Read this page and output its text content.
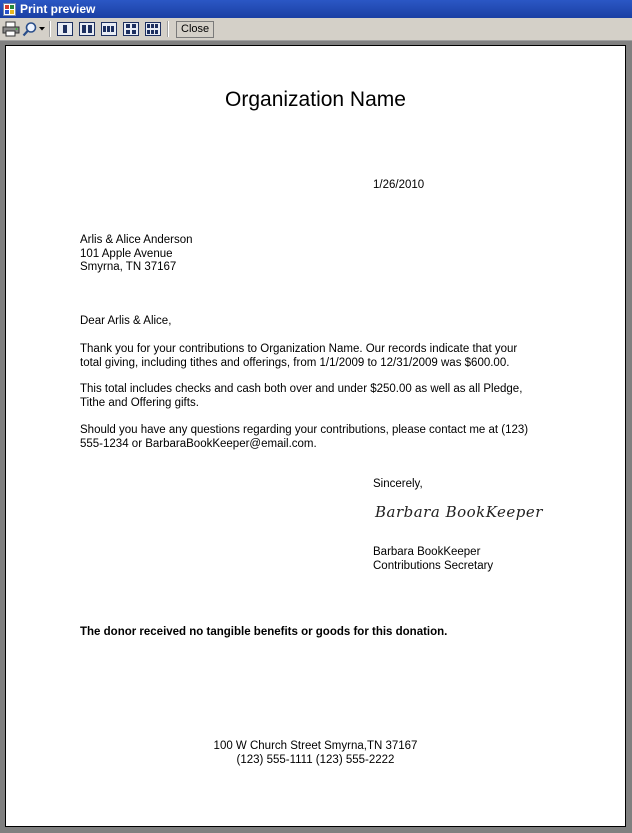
Print preview
Close
Organization Name
1/26/2010
Arlis & Alice Anderson
101 Apple Avenue
Smyrna, TN 37167
Dear Arlis & Alice,
Thank you for your contributions to Organization Name. Our records indicate that your
total giving, including tithes and offerings, from 1/1/2009 to 12/31/2009 was $600.00.
This total includes checks and cash both over and under $250.00 as well as all Pledge,
Tithe and Offering gifts.
Should you have any questions regarding your contributions, please contact me at (123)
555-1234 or BarbaraBookKeeper@email.com.
Sincerely,
Barbara BookKeeper
Barbara BookKeeper
Contributions Secretary
The donor received no tangible benefits or goods for this donation.
100 W Church Street Smyrna,TN 37167
(123) 555-1111 (123) 555-2222
